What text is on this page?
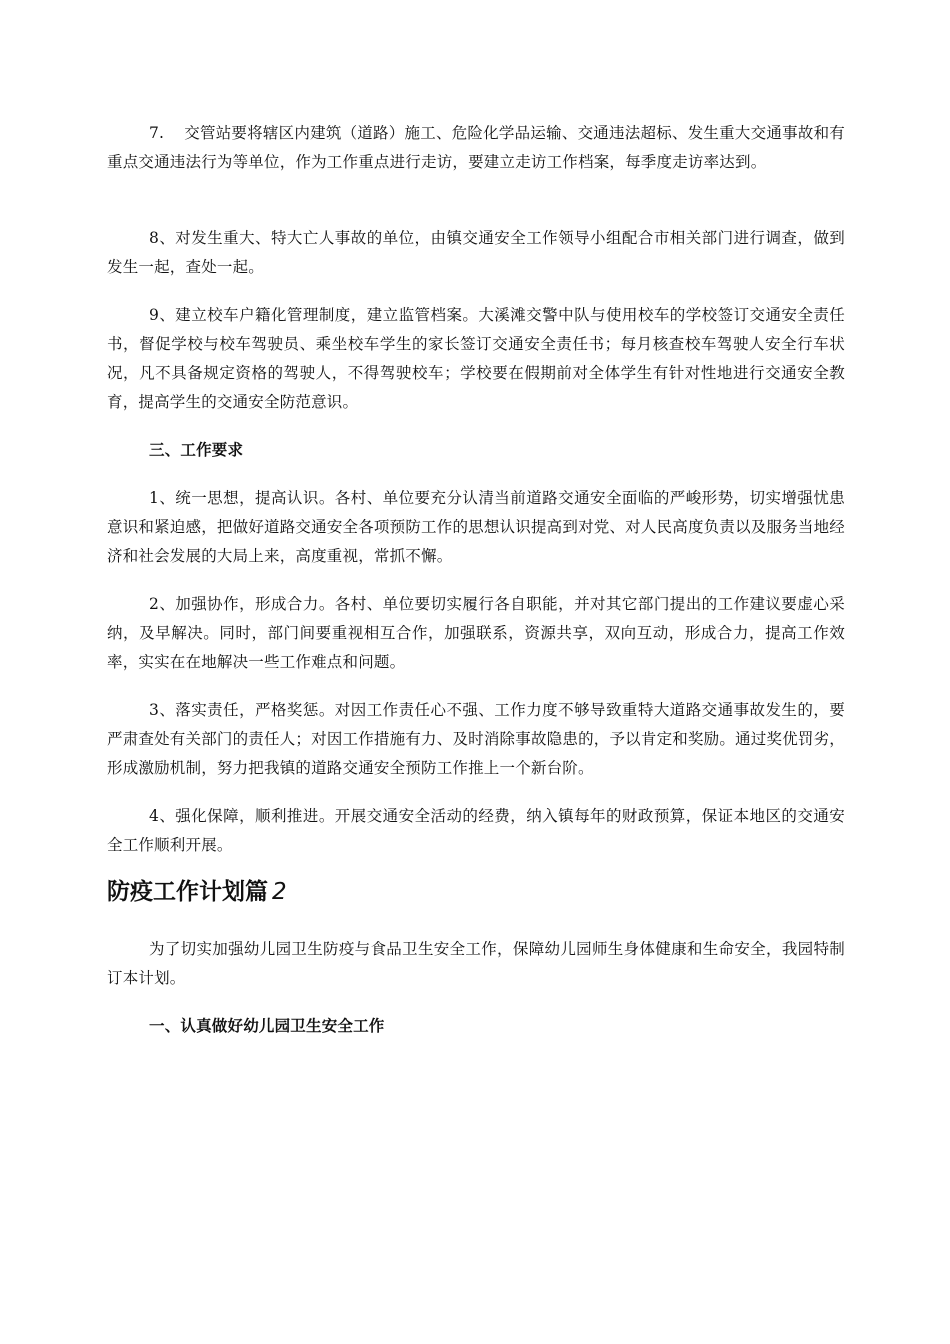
7. 交管站要将辖区内建筑（道路）施工、危险化学品运输、交通违法超标、发生重大交通事故和有重点交通违法行为等单位，作为工作重点进行走访，要建立走访工作档案，每季度走访率达到。
8、对发生重大、特大亡人事故的单位，由镇交通安全工作领导小组配合市相关部门进行调查，做到发生一起，查处一起。
9、建立校车户籍化管理制度，建立监管档案。大溪滩交警中队与使用校车的学校签订交通安全责任书，督促学校与校车驾驶员、乘坐校车学生的家长签订交通安全责任书；每月核查校车驾驶人安全行车状况，凡不具备规定资格的驾驶人，不得驾驶校车；学校要在假期前对全体学生有针对性地进行交通安全教育，提高学生的交通安全防范意识。
三、工作要求
1、统一思想，提高认识。各村、单位要充分认清当前道路交通安全面临的严峻形势，切实增强忧患意识和紧迫感，把做好道路交通安全各项预防工作的思想认识提高到对党、对人民高度负责以及服务当地经济和社会发展的大局上来，高度重视，常抓不懈。
2、加强协作，形成合力。各村、单位要切实履行各自职能，并对其它部门提出的工作建议要虚心采纳，及早解决。同时，部门间要重视相互合作，加强联系，资源共享，双向互动，形成合力，提高工作效率，实实在在地解决一些工作难点和问题。
3、落实责任，严格奖惩。对因工作责任心不强、工作力度不够导致重特大道路交通事故发生的，要严肃查处有关部门的责任人；对因工作措施有力、及时消除事故隐患的，予以肯定和奖励。通过奖优罚劣，形成激励机制，努力把我镇的道路交通安全预防工作推上一个新台阶。
4、强化保障，顺利推进。开展交通安全活动的经费，纳入镇每年的财政预算，保证本地区的交通安全工作顺利开展。
防疫工作计划篇 2
为了切实加强幼儿园卫生防疫与食品卫生安全工作，保障幼儿园师生身体健康和生命安全，我园特制订本计划。
一、认真做好幼儿园卫生安全工作
